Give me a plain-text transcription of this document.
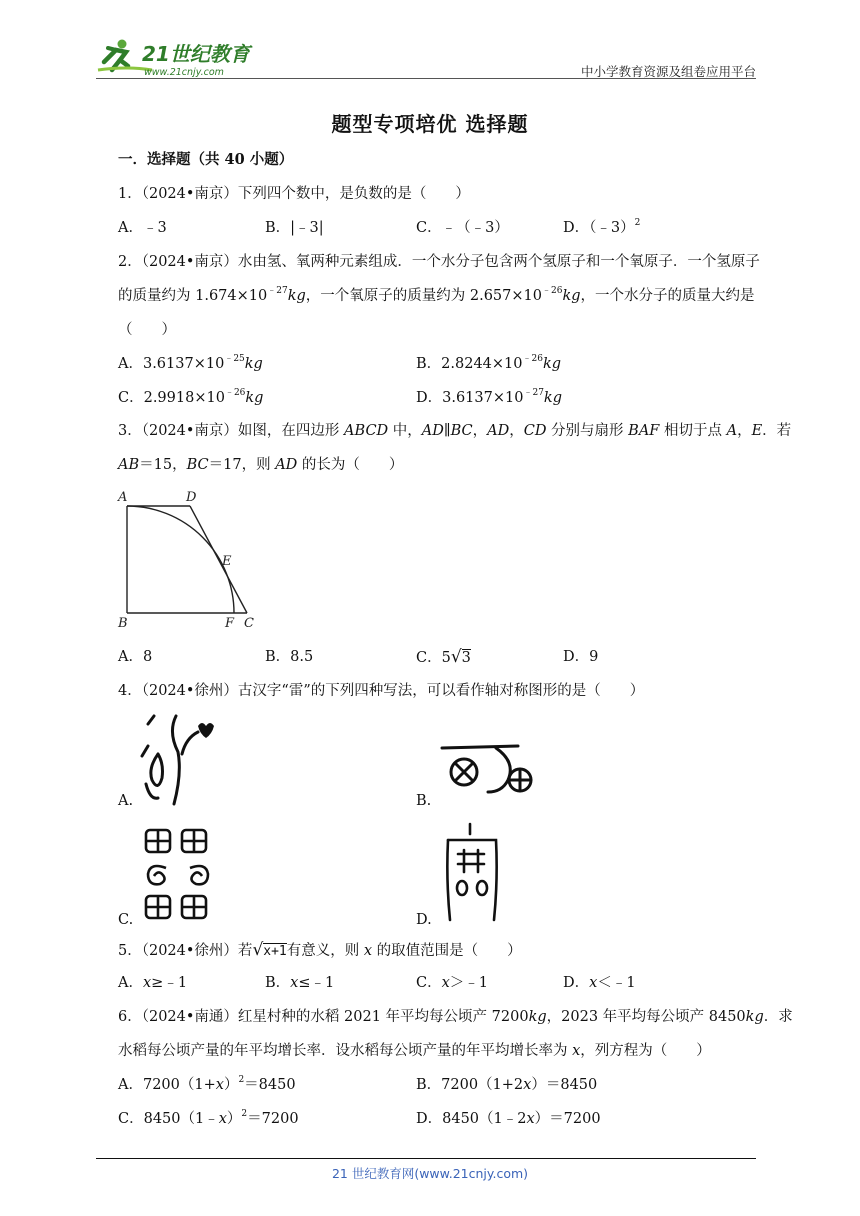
21世纪教育
www.21cnjy.com	中小学教育资源及组卷应用平台
题型专项培优 选择题
一．选择题（共 40 小题）
1．（2024•南京）下列四个数中，是负数的是（　　）
A．﹣3	B．|﹣3|	C．﹣（﹣3）	D．（﹣3）$^2$
2．（2024•南京）水由氢、氧两种元素组成．一个水分子包含两个氢原子和一个氧原子．一个氢原子
的质量约为 $1.674\times 10^{﹣27}kg$，一个氧原子的质量约为 $2.657\times 10^{﹣26}kg$，一个水分子的质量大约是
（　　）
A．$3.6137\times 10^{﹣25}kg$	B．$2.8244\times 10^{﹣26}kg$
C．$2.9918\times 10^{﹣26}kg$	D．$3.6137\times 10^{﹣27}kg$
3．（2024•南京）如图，在四边形 ABCD 中，AD∥BC，AD，CD 分别与扇形 BAF 相切于点 A，E．若
AB＝15，BC＝17，则 AD 的长为（　　）
A	D
E
B	F C
A．8	B．8.5	C．5√3	D．9
4．（2024•徐州）古汉字“雷”的下列四种写法，可以看作轴对称图形的是（　　）
A.	B.
C.	D.
5．（2024•徐州）若√x+1有意义，则 x 的取值范围是（　　）
A．x≥﹣1	B．x≤﹣1	C．x＞﹣1	D．x＜﹣1
6．（2024•南通）红星村种的水稻 2021 年平均每公顷产 7200kg，2023 年平均每公顷产 8450kg．求
水稻每公顷产量的年平均增长率．设水稻每公顷产量的年平均增长率为 x，列方程为（　　）
A．$7200(1+x)^2=8450$	B．7200（1+2x）＝8450
C．8450（1﹣x）$^2$＝7200	D．8450（1﹣2x）＝7200
21 世纪教育网(www.21cnjy.com)
